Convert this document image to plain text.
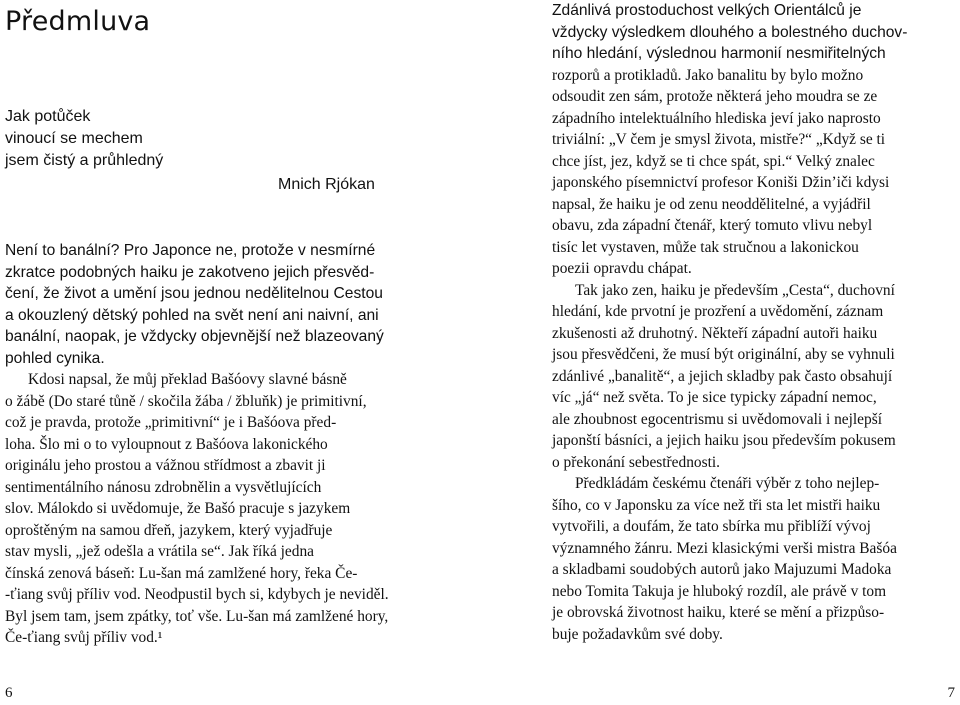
Předmluva
Jak potůček
vinoucí se mechem
jsem čistý a průhledný
Mnich Rjókan
Není to banální? Pro Japonce ne, protože v nesmírné
zkratce podobných haiku je zakotveno jejich přesvěd-
čení, že život a umění jsou jednou nedělitelnou Cestou
a okouzlený dětský pohled na svět není ani naivní, ani
banální, naopak, je vždycky objevnější než blazeovaný
pohled cynika.
Kdosi napsal, že můj překlad Bašóovy slavné básně
o žábě (Do staré tůně / skočila žába / žbluňk) je primitivní,
což je pravda, protože „primitivní“ je i Bašóova před-
loha. Šlo mi o to vyloupnout z Bašóova lakonického
originálu jeho prostou a vážnou střídmost a zbavit ji
sentimentálního nánosu zdrobnělin a vysvětlujících
slov. Málokdo si uvědomuje, že Bašó pracuje s jazykem
oproštěným na samou dřeň, jazykem, který vyjadřuje
stav mysli, „jež odešla a vrátila se“. Jak říká jedna
čínská zenová báseň: Lu-šan má zamlžené hory, řeka Če-
-ťiang svůj příliv vod. Neodpustil bych si, kdybych je neviděl.
Byl jsem tam, jsem zpátky, toť vše. Lu-šan má zamlžené hory,
Če-ťiang svůj příliv vod.¹
6
Zdánlivá prostoduchost velkých Orientálců je
vždycky výsledkem dlouhého a bolestného duchov-
ního hledání, výslednou harmonií nesmiřitelných
rozporů a protikladů. Jako banalitu by bylo možno
odsoudit zen sám, protože některá jeho moudra se ze
západního intelektuálního hlediska jeví jako naprosto
triviální: „V čem je smysl života, mistře?“ „Když se ti
chce jíst, jez, když se ti chce spát, spi.“ Velký znalec
japonského písemnictví profesor Koniši Džin’iči kdysi
napsal, že haiku je od zenu neoddělitelné, a vyjádřil
obavu, zda západní čtenář, který tomuto vlivu nebyl
tisíc let vystaven, může tak stručnou a lakonickou
poezii opravdu chápat.
Tak jako zen, haiku je především „Cesta“, duchovní
hledání, kde prvotní je prozření a uvědomění, záznam
zkušenosti až druhotný. Někteří západní autoři haiku
jsou přesvědčeni, že musí být originální, aby se vyhnuli
zdánlivé „banalitě“, a jejich skladby pak často obsahují
víc „já“ než světa. To je sice typicky západní nemoc,
ale zhoubnost egocentrismu si uvědomovali i nejlepší
japonští básníci, a jejich haiku jsou především pokusem
o překonání sebestřednosti.
Předkládám českému čtenáři výběr z toho nejlep-
šího, co v Japonsku za více než tři sta let mistři haiku
vytvořili, a doufám, že tato sbírka mu přiblíží vývoj
významného žánru. Mezi klasickými verši mistra Bašóa
a skladbami soudobých autorů jako Majuzumi Madoka
nebo Tomita Takuja je hluboký rozdíl, ale právě v tom
je obrovská životnost haiku, které se mění a přizpůso-
buje požadavkům své doby.
7
